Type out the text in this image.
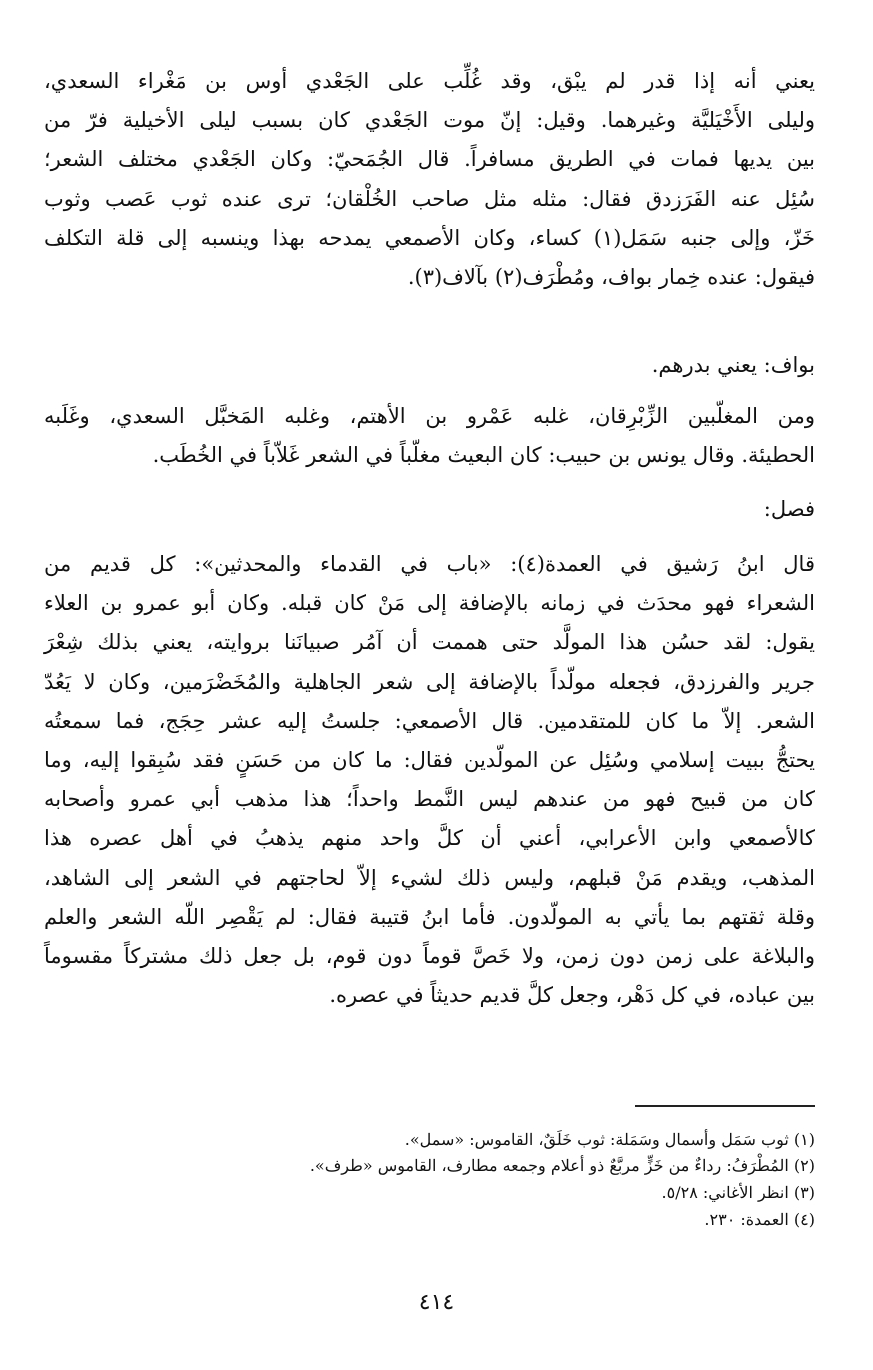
يعني أنه إذا قدر لم يبْق، وقد غُلِّب على الجَعْدي أوس بن مَغْراء السعدي،
وليلى الأَخْيَليَّة وغيرهما. وقيل: إنّ موت الجَعْدي كان بسبب ليلى الأخيلية فرّ من
بين يديها فمات في الطريق مسافراً. قال الجُمَحيّ: وكان الجَعْدي مختلف الشعر؛
سُئِل عنه الفَرَزدق فقال: مثله مثل صاحب الخُلْقان؛ ترى عنده ثوب عَصب وثوب
خَزّ، وإلى جنبه سَمَل(١) كساء، وكان الأصمعي يمدحه بهذا وينسبه إلى قلة التكلف
فيقول: عنده خِمار بواف، ومُطْرَف(٢) بآلاف(٣).
بواف: يعني بدرهم.
ومن المغلّبين الزِّبْرِقان، غلبه عَمْرو بن الأهتم، وغلبه المَخبَّل السعدي، وغَلَبه
الحطيئة. وقال يونس بن حبيب: كان البعيث مغلّباً في الشعر غَلاّباً في الخُطَب.
فصل:
قال ابنُ رَشيق في العمدة(٤): «باب في القدماء والمحدثين»: كل قديم من
الشعراء فهو محدَث في زمانه بالإضافة إلى مَنْ كان قبله. وكان أبو عمرو بن العلاء
يقول: لقد حسُن هذا المولَّد حتى هممت أن آمُر صبيانَنا بروايته، يعني بذلك شِعْرَ
جرير والفرزدق، فجعله مولّداً بالإضافة إلى شعر الجاهلية والمُخَضْرَمين، وكان لا يَعُدّ
الشعر. إلاّ ما كان للمتقدمين. قال الأصمعي: جلستُ إليه عشر حِجَج، فما سمعتُه
يحتجُّ ببيت إسلامي وسُئِل عن المولّدين فقال: ما كان من حَسَنٍ فقد سُبِقوا إليه، وما
كان من قبيح فهو من عندهم ليس النَّمط واحداً؛ هذا مذهب أبي عمرو وأصحابه
كالأصمعي وابن الأعرابي، أعني أن كلَّ واحد منهم يذهبُ في أهل عصره هذا
المذهب، ويقدم مَنْ قبلهم، وليس ذلك لشيء إلاّ لحاجتهم في الشعر إلى الشاهد،
وقلة ثقتهم بما يأتي به المولّدون. فأما ابنُ قتيبة فقال: لم يَقْصِر اللّه الشعر والعلم
والبلاغة على زمن دون زمن، ولا خَصَّ قوماً دون قوم، بل جعل ذلك مشتركاً مقسوماً
بين عباده، في كل دَهْر، وجعل كلَّ قديم حديثاً في عصره.
(١) ثوب سَمَل وأسمال وسَمَلة: ثوب خَلَقٌ، القاموس: «سمل».
(٢) المُطْرَفُ: رداءٌ من خَزٍّ مربَّعٌ ذو أعلام وجمعه مطارف، القاموس «طرف».
(٣) انظر الأغاني: ٥/٢٨.
(٤) العمدة: ٢٣٠.
٤١٤
